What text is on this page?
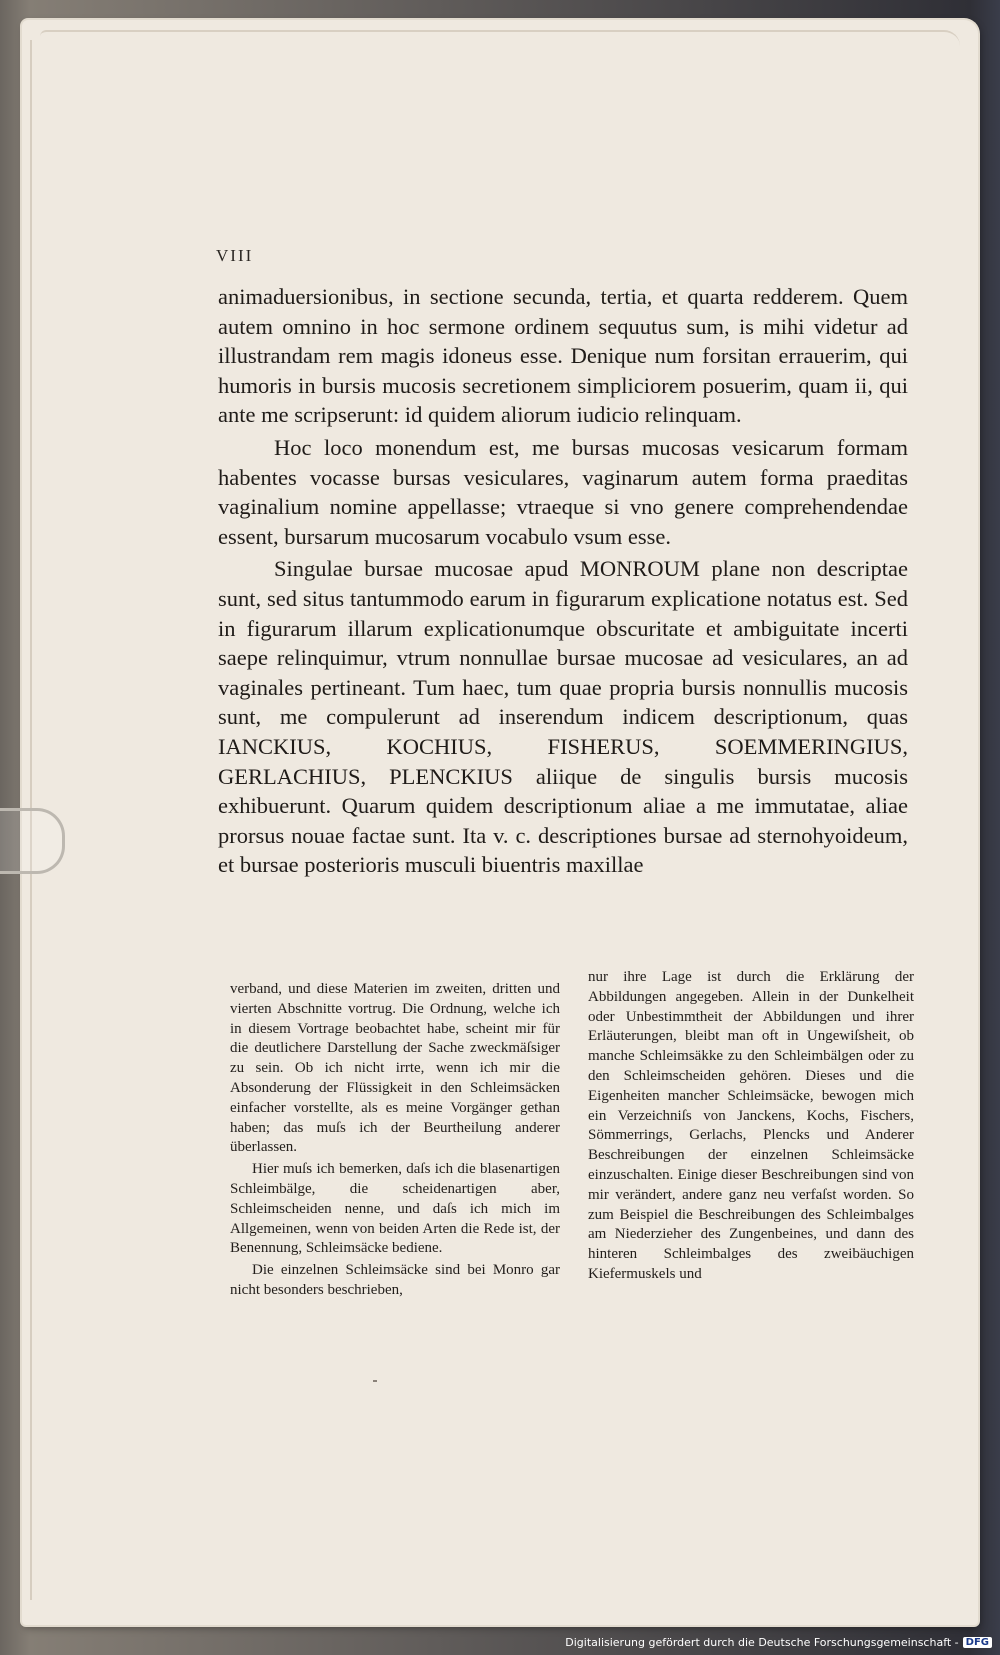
VIII

animaduersionibus, in sectione secunda, tertia, et quarta redderem. Quem autem omnino in hoc sermone ordinem sequutus sum, is mihi videtur ad illustrandam rem magis idoneus esse. Denique num forsitan errauerim, qui humoris in bursis mucosis secretionem simpliciorem posuerim, quam ii, qui ante me scripserunt: id quidem aliorum iudicio relinquam.

Hoc loco monendum est, me bursas mucosas vesicarum formam habentes vocasse bursas vesiculares, vaginarum autem forma praeditas vaginalium nomine appellasse; vtraeque si vno genere comprehendendae essent, bursarum mucosarum vocabulo vsum esse.

Singulae bursae mucosae apud MONROUM plane non descriptae sunt, sed situs tantummodo earum in figurarum explicatione notatus est. Sed in figurarum illarum explicationumque obscuritate et ambiguitate incerti saepe relinquimur, vtrum nonnullae bursae mucosae ad vesiculares, an ad vaginales pertineant. Tum haec, tum quae propria bursis nonnullis mucosis sunt, me compulerunt ad inserendum indicem descriptionum, quas IANCKIUS, KOCHIUS, FISHERUS, SOEMMERINGIUS, GERLACHIUS, PLENCKIUS aliique de singulis bursis mucosis exhibuerunt. Quarum quidem descriptionum aliae a me immutatae, aliae prorsus nouae factae sunt. Ita v. c. descriptiones bursae ad sternohyoideum, et bursae posterioris musculi biuentris maxillae

verband, und diese Materien im zweiten, dritten und vierten Abschnitte vortrug. Die Ordnung, welche ich in diesem Vortrage beobachtet habe, scheint mir für die deutlichere Darstellung der Sache zweckmäſsiger zu sein. Ob ich nicht irrte, wenn ich mir die Absonderung der Flüssigkeit in den Schleimsäcken einfacher vorstellte, als es meine Vorgänger gethan haben; das muſs ich der Beurtheilung anderer überlassen.

Hier muſs ich bemerken, daſs ich die blasenartigen Schleimbälge, die scheidenartigen aber, Schleimscheiden nenne, und daſs ich mich im Allgemeinen, wenn von beiden Arten die Rede ist, der Benennung, Schleimsäcke bediene.

Die einzelnen Schleimsäcke sind bei Monro gar nicht besonders beschrieben,

nur ihre Lage ist durch die Erklärung der Abbildungen angegeben. Allein in der Dunkelheit oder Unbestimmtheit der Abbildungen und ihrer Erläuterungen, bleibt man oft in Ungewiſsheit, ob manche Schleimsäkke zu den Schleimbälgen oder zu den Schleimscheiden gehören. Dieses und die Eigenheiten mancher Schleimsäcke, bewogen mich ein Verzeichniſs von Janckens, Kochs, Fischers, Sömmerrings, Gerlachs, Plencks und Anderer Beschreibungen der einzelnen Schleimsäcke einzuschalten. Einige dieser Beschreibungen sind von mir verändert, andere ganz neu verfaſst worden. So zum Beispiel die Beschreibungen des Schleimbalges am Niederzieher des Zungenbeines, und dann des hinteren Schleimbalges des zweibäuchigen Kiefermuskels und

Digitalisierung gefördert durch die Deutsche Forschungsgemeinschaft - DFG
